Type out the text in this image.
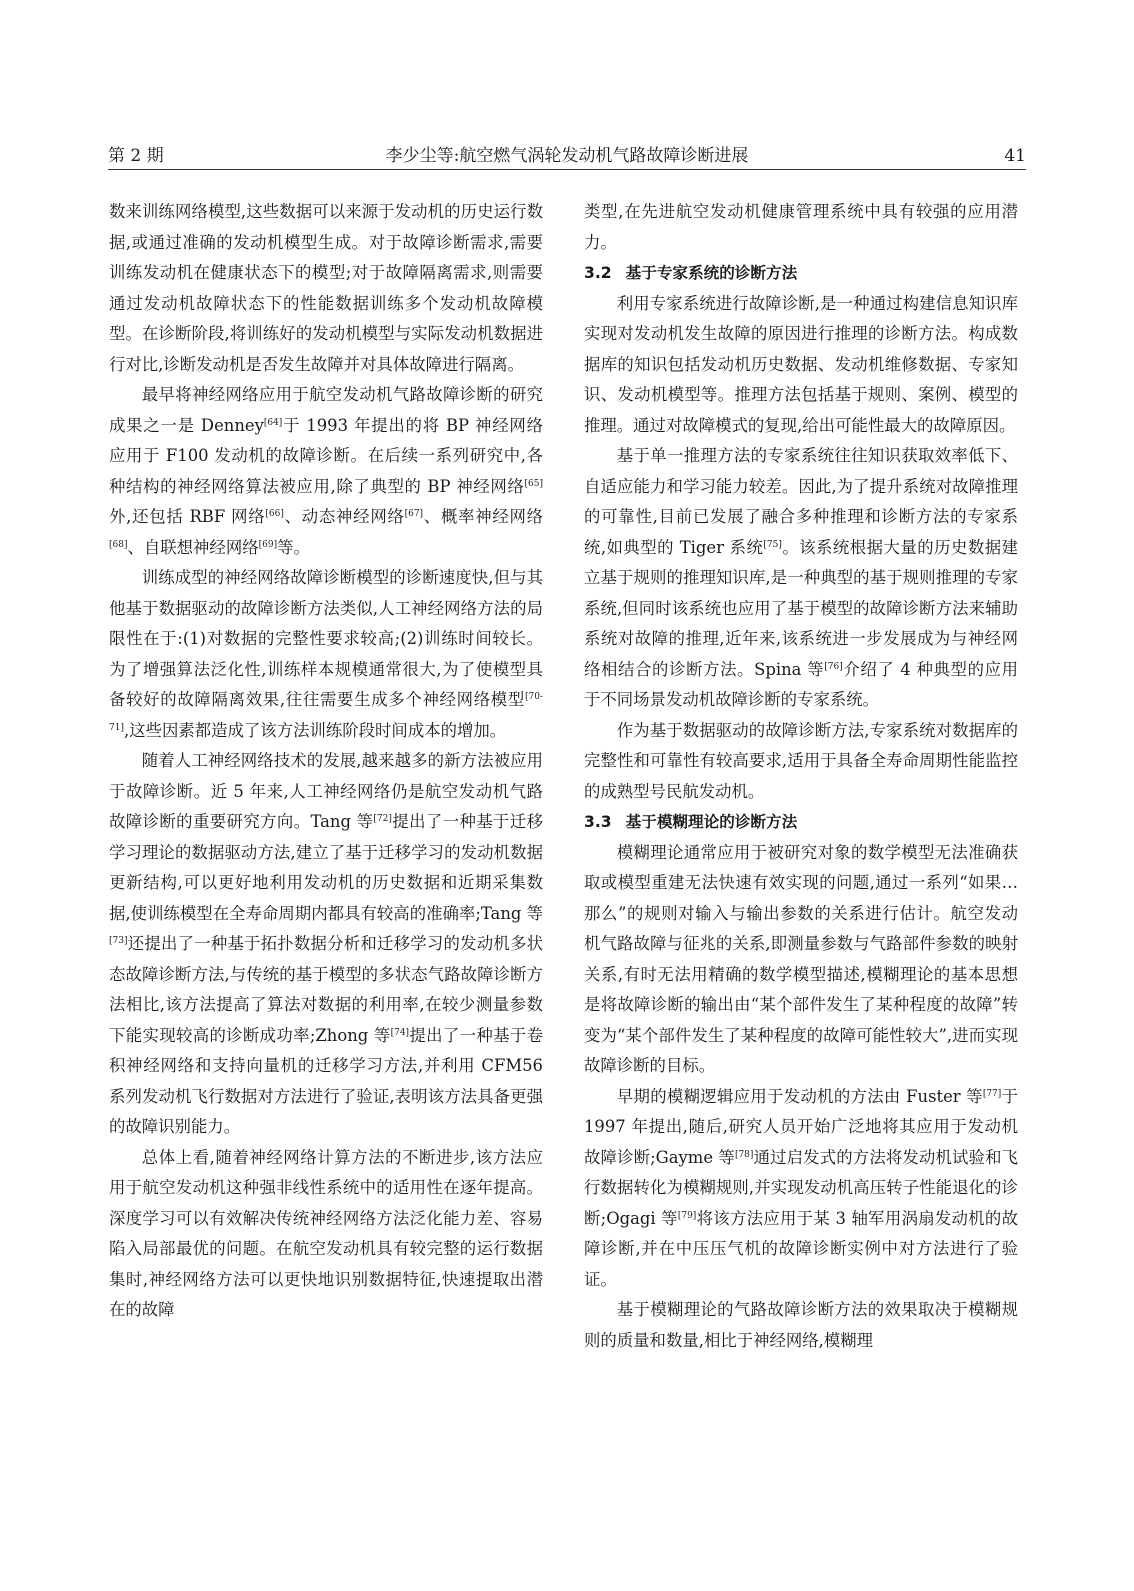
第 2 期	李少尘等:航空燃气涡轮发动机气路故障诊断进展	41

数来训练网络模型,这些数据可以来源于发动机的历史运行数据,或通过准确的发动机模型生成。对于故障诊断需求,需要训练发动机在健康状态下的模型;对于故障隔离需求,则需要通过发动机故障状态下的性能数据训练多个发动机故障模型。在诊断阶段,将训练好的发动机模型与实际发动机数据进行对比,诊断发动机是否发生故障并对具体故障进行隔离。

最早将神经网络应用于航空发动机气路故障诊断的研究成果之一是 Denney[64]于 1993 年提出的将 BP 神经网络应用于 F100 发动机的故障诊断。在后续一系列研究中,各种结构的神经网络算法被应用,除了典型的 BP 神经网络[65]外,还包括 RBF 网络[66]、动态神经网络[67]、概率神经网络[68]、自联想神经网络[69]等。

训练成型的神经网络故障诊断模型的诊断速度快,但与其他基于数据驱动的故障诊断方法类似,人工神经网络方法的局限性在于:(1)对数据的完整性要求较高;(2)训练时间较长。为了增强算法泛化性,训练样本规模通常很大,为了使模型具备较好的故障隔离效果,往往需要生成多个神经网络模型[70-71],这些因素都造成了该方法训练阶段时间成本的增加。

随着人工神经网络技术的发展,越来越多的新方法被应用于故障诊断。近 5 年来,人工神经网络仍是航空发动机气路故障诊断的重要研究方向。Tang 等[72]提出了一种基于迁移学习理论的数据驱动方法,建立了基于迁移学习的发动机数据更新结构,可以更好地利用发动机的历史数据和近期采集数据,使训练模型在全寿命周期内都具有较高的准确率;Tang 等[73]还提出了一种基于拓扑数据分析和迁移学习的发动机多状态故障诊断方法,与传统的基于模型的多状态气路故障诊断方法相比,该方法提高了算法对数据的利用率,在较少测量参数下能实现较高的诊断成功率;Zhong 等[74]提出了一种基于卷积神经网络和支持向量机的迁移学习方法,并利用 CFM56 系列发动机飞行数据对方法进行了验证,表明该方法具备更强的故障识别能力。

总体上看,随着神经网络计算方法的不断进步,该方法应用于航空发动机这种强非线性系统中的适用性在逐年提高。深度学习可以有效解决传统神经网络方法泛化能力差、容易陷入局部最优的问题。在航空发动机具有较完整的运行数据集时,神经网络方法可以更快地识别数据特征,快速提取出潜在的故障

类型,在先进航空发动机健康管理系统中具有较强的应用潜力。

3.2 基于专家系统的诊断方法

利用专家系统进行故障诊断,是一种通过构建信息知识库实现对发动机发生故障的原因进行推理的诊断方法。构成数据库的知识包括发动机历史数据、发动机维修数据、专家知识、发动机模型等。推理方法包括基于规则、案例、模型的推理。通过对故障模式的复现,给出可能性最大的故障原因。

基于单一推理方法的专家系统往往知识获取效率低下、自适应能力和学习能力较差。因此,为了提升系统对故障推理的可靠性,目前已发展了融合多种推理和诊断方法的专家系统,如典型的 Tiger 系统[75]。该系统根据大量的历史数据建立基于规则的推理知识库,是一种典型的基于规则推理的专家系统,但同时该系统也应用了基于模型的故障诊断方法来辅助系统对故障的推理,近年来,该系统进一步发展成为与神经网络相结合的诊断方法。Spina 等[76]介绍了 4 种典型的应用于不同场景发动机故障诊断的专家系统。

作为基于数据驱动的故障诊断方法,专家系统对数据库的完整性和可靠性有较高要求,适用于具备全寿命周期性能监控的成熟型号民航发动机。

3.3 基于模糊理论的诊断方法

模糊理论通常应用于被研究对象的数学模型无法准确获取或模型重建无法快速有效实现的问题,通过一系列“如果…那么”的规则对输入与输出参数的关系进行估计。航空发动机气路故障与征兆的关系,即测量参数与气路部件参数的映射关系,有时无法用精确的数学模型描述,模糊理论的基本思想是将故障诊断的输出由“某个部件发生了某种程度的故障”转变为“某个部件发生了某种程度的故障可能性较大”,进而实现故障诊断的目标。

早期的模糊逻辑应用于发动机的方法由 Fuster 等[77]于 1997 年提出,随后,研究人员开始广泛地将其应用于发动机故障诊断;Gayme 等[78]通过启发式的方法将发动机试验和飞行数据转化为模糊规则,并实现发动机高压转子性能退化的诊断;Ogagi 等[79]将该方法应用于某 3 轴军用涡扇发动机的故障诊断,并在中压压气机的故障诊断实例中对方法进行了验证。

基于模糊理论的气路故障诊断方法的效果取决于模糊规则的质量和数量,相比于神经网络,模糊理
